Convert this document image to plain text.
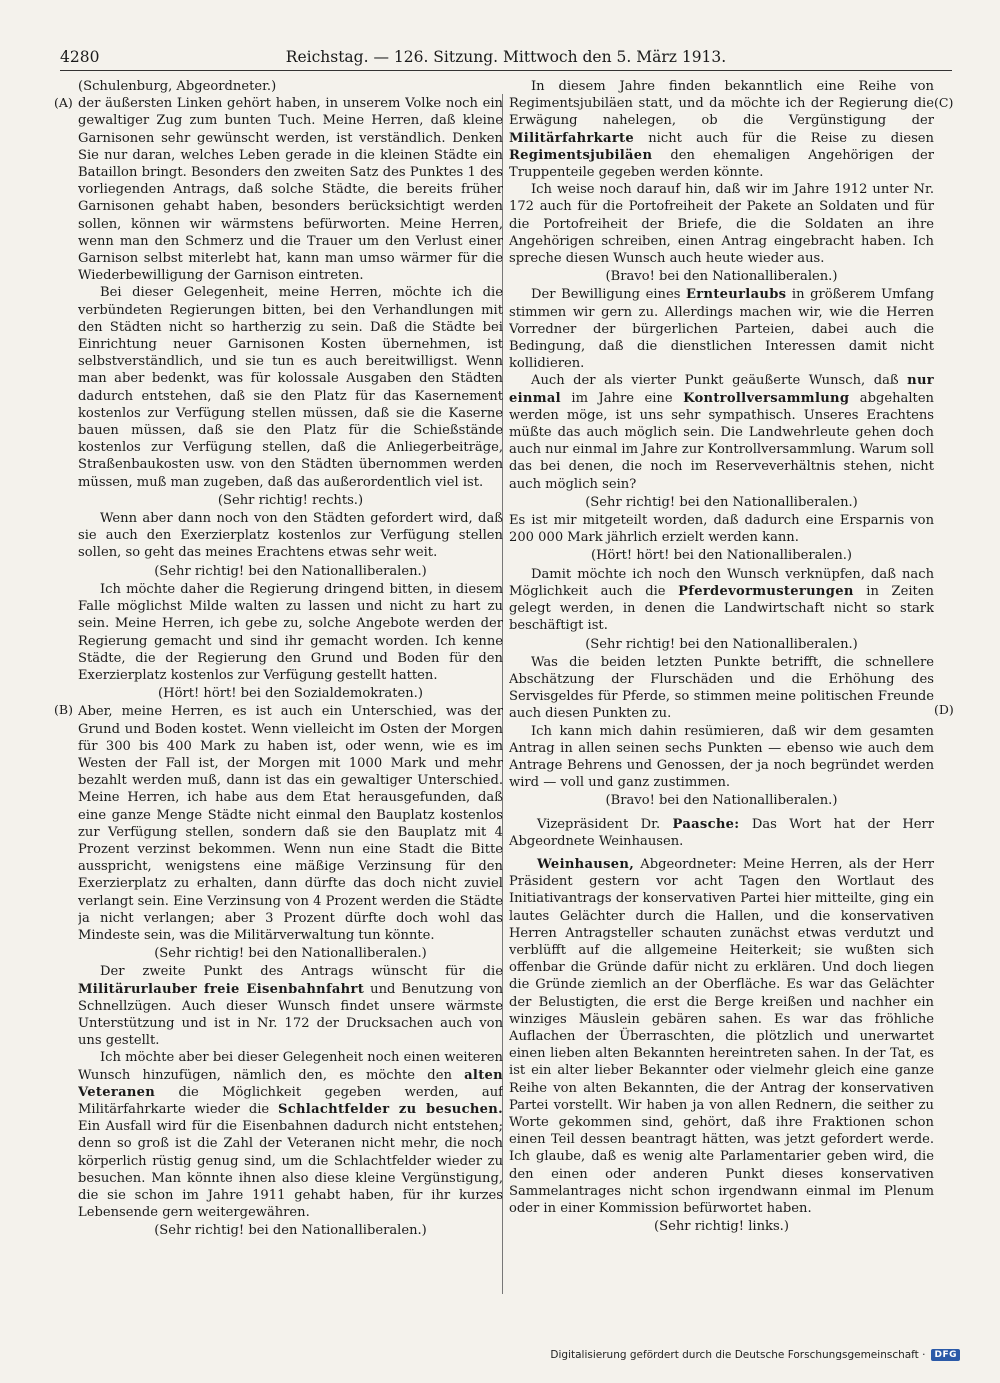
4280	Reichstag. — 126. Sitzung. Mittwoch den 5. März 1913.
(A)
(B)
(C)
(D)

(Schulenburg, Abgeordneter.)

der äußersten Linken gehört haben, in unserem Volke noch ein gewaltiger Zug zum bunten Tuch. Meine Herren, daß kleine Garnisonen sehr gewünscht werden, ist verständlich. Denken Sie nur daran, welches Leben gerade in die kleinen Städte ein Bataillon bringt. Besonders den zweiten Satz des Punktes 1 des vorliegenden Antrags, daß solche Städte, die bereits früher Garnisonen gehabt haben, besonders berücksichtigt werden sollen, können wir wärmstens befürworten. Meine Herren, wenn man den Schmerz und die Trauer um den Verlust einer Garnison selbst miterlebt hat, kann man umso wärmer für die Wiederbewilligung der Garnison eintreten.

Bei dieser Gelegenheit, meine Herren, möchte ich die verbündeten Regierungen bitten, bei den Verhandlungen mit den Städten nicht so hartherzig zu sein. Daß die Städte bei Einrichtung neuer Garnisonen Kosten übernehmen, ist selbstverständlich, und sie tun es auch bereitwilligst. Wenn man aber bedenkt, was für kolossale Ausgaben den Städten dadurch entstehen, daß sie den Platz für das Kasernement kostenlos zur Verfügung stellen müssen, daß sie die Kaserne bauen müssen, daß sie den Platz für die Schießstände kostenlos zur Verfügung stellen, daß die Anliegerbeiträge, Straßenbaukosten usw. von den Städten übernommen werden müssen, muß man zugeben, daß das außerordentlich viel ist.

(Sehr richtig! rechts.)

Wenn aber dann noch von den Städten gefordert wird, daß sie auch den Exerzierplatz kostenlos zur Verfügung stellen sollen, so geht das meines Erachtens etwas sehr weit.

(Sehr richtig! bei den Nationalliberalen.)

Ich möchte daher die Regierung dringend bitten, in diesem Falle möglichst Milde walten zu lassen und nicht zu hart zu sein. Meine Herren, ich gebe zu, solche Angebote werden der Regierung gemacht und sind ihr gemacht worden. Ich kenne Städte, die der Regierung den Grund und Boden für den Exerzierplatz kostenlos zur Verfügung gestellt hatten.

(Hört! hört! bei den Sozialdemokraten.)

Aber, meine Herren, es ist auch ein Unterschied, was der Grund und Boden kostet. Wenn vielleicht im Osten der Morgen für 300 bis 400 Mark zu haben ist, oder wenn, wie es im Westen der Fall ist, der Morgen mit 1000 Mark und mehr bezahlt werden muß, dann ist das ein gewaltiger Unterschied. Meine Herren, ich habe aus dem Etat herausgefunden, daß eine ganze Menge Städte nicht einmal den Bauplatz kostenlos zur Verfügung stellen, sondern daß sie den Bauplatz mit 4 Prozent verzinst bekommen. Wenn nun eine Stadt die Bitte ausspricht, wenigstens eine mäßige Verzinsung für den Exerzierplatz zu erhalten, dann dürfte das doch nicht zuviel verlangt sein. Eine Verzinsung von 4 Prozent werden die Städte ja nicht verlangen; aber 3 Prozent dürfte doch wohl das Mindeste sein, was die Militärverwaltung tun könnte.

(Sehr richtig! bei den Nationalliberalen.)

Der zweite Punkt des Antrags wünscht für die Militärurlauber freie Eisenbahnfahrt und Benutzung von Schnellzügen. Auch dieser Wunsch findet unsere wärmste Unterstützung und ist in Nr. 172 der Drucksachen auch von uns gestellt.

Ich möchte aber bei dieser Gelegenheit noch einen weiteren Wunsch hinzufügen, nämlich den, es möchte den alten Veteranen die Möglichkeit gegeben werden, auf Militärfahrkarte wieder die Schlachtfelder zu besuchen. Ein Ausfall wird für die Eisenbahnen dadurch nicht entstehen; denn so groß ist die Zahl der Veteranen nicht mehr, die noch körperlich rüstig genug sind, um die Schlachtfelder wieder zu besuchen. Man könnte ihnen also diese kleine Vergünstigung, die sie schon im Jahre 1911 gehabt haben, für ihr kurzes Lebensende gern weitergewähren.

(Sehr richtig! bei den Nationalliberalen.)

In diesem Jahre finden bekanntlich eine Reihe von Regimentsjubiläen statt, und da möchte ich der Regierung die Erwägung nahelegen, ob die Vergünstigung der Militärfahrkarte nicht auch für die Reise zu diesen Regimentsjubiläen den ehemaligen Angehörigen der Truppenteile gegeben werden könnte.

Ich weise noch darauf hin, daß wir im Jahre 1912 unter Nr. 172 auch für die Portofreiheit der Pakete an Soldaten und für die Portofreiheit der Briefe, die die Soldaten an ihre Angehörigen schreiben, einen Antrag eingebracht haben. Ich spreche diesen Wunsch auch heute wieder aus.

(Bravo! bei den Nationalliberalen.)

Der Bewilligung eines Ernteurlaubs in größerem Umfang stimmen wir gern zu. Allerdings machen wir, wie die Herren Vorredner der bürgerlichen Parteien, dabei auch die Bedingung, daß die dienstlichen Interessen damit nicht kollidieren.

Auch der als vierter Punkt geäußerte Wunsch, daß nur einmal im Jahre eine Kontrollversammlung abgehalten werden möge, ist uns sehr sympathisch. Unseres Erachtens müßte das auch möglich sein. Die Landwehrleute gehen doch auch nur einmal im Jahre zur Kontrollversammlung. Warum soll das bei denen, die noch im Reserveverhältnis stehen, nicht auch möglich sein?

(Sehr richtig! bei den Nationalliberalen.)

Es ist mir mitgeteilt worden, daß dadurch eine Ersparnis von 200 000 Mark jährlich erzielt werden kann.

(Hört! hört! bei den Nationalliberalen.)

Damit möchte ich noch den Wunsch verknüpfen, daß nach Möglichkeit auch die Pferdevormusterungen in Zeiten gelegt werden, in denen die Landwirtschaft nicht so stark beschäftigt ist.

(Sehr richtig! bei den Nationalliberalen.)

Was die beiden letzten Punkte betrifft, die schnellere Abschätzung der Flurschäden und die Erhöhung des Servisgeldes für Pferde, so stimmen meine politischen Freunde auch diesen Punkten zu.

Ich kann mich dahin resümieren, daß wir dem gesamten Antrag in allen seinen sechs Punkten — ebenso wie auch dem Antrage Behrens und Genossen, der ja noch begründet werden wird — voll und ganz zustimmen.

(Bravo! bei den Nationalliberalen.)

Vizepräsident Dr. Paasche: Das Wort hat der Herr Abgeordnete Weinhausen.

Weinhausen, Abgeordneter: Meine Herren, als der Herr Präsident gestern vor acht Tagen den Wortlaut des Initiativantrags der konservativen Partei hier mitteilte, ging ein lautes Gelächter durch die Hallen, und die konservativen Herren Antragsteller schauten zunächst etwas verdutzt und verblüfft auf die allgemeine Heiterkeit; sie wußten sich offenbar die Gründe dafür nicht zu erklären. Und doch liegen die Gründe ziemlich an der Oberfläche. Es war das Gelächter der Belustigten, die erst die Berge kreißen und nachher ein winziges Mäuslein gebären sahen. Es war das fröhliche Auflachen der Überraschten, die plötzlich und unerwartet einen lieben alten Bekannten hereintreten sahen. In der Tat, es ist ein alter lieber Bekannter oder vielmehr gleich eine ganze Reihe von alten Bekannten, die der Antrag der konservativen Partei vorstellt. Wir haben ja von allen Rednern, die seither zu Worte gekommen sind, gehört, daß ihre Fraktionen schon einen Teil dessen beantragt hätten, was jetzt gefordert werde. Ich glaube, daß es wenig alte Parlamentarier geben wird, die den einen oder anderen Punkt dieses konservativen Sammelantrages nicht schon irgendwann einmal im Plenum oder in einer Kommission befürwortet haben.

(Sehr richtig! links.)

Digitalisierung gefördert durch die Deutsche Forschungsgemeinschaft ·	DFG
